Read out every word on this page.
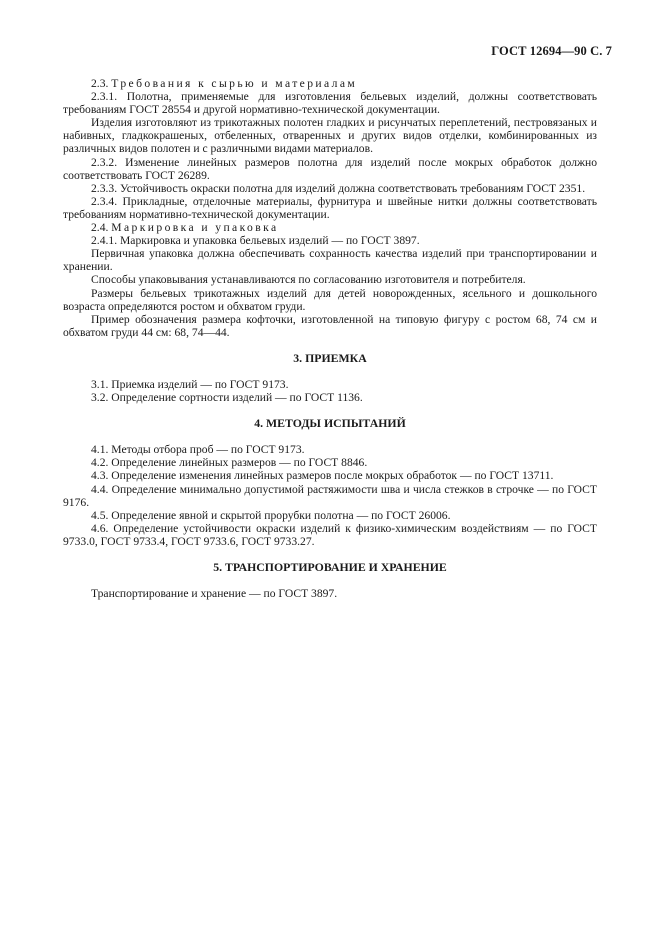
ГОСТ 12694—90 С. 7

2.3. Требования к сырью и материалам

2.3.1. Полотна, применяемые для изготовления бельевых изделий, должны соответствовать требованиям ГОСТ 28554 и другой нормативно-технической документации.

Изделия изготовляют из трикотажных полотен гладких и рисунчатых переплетений, пестровязаных и набивных, гладкокрашеных, отбеленных, отваренных и других видов отделки, комбинированных из различных видов полотен и с различными видами материалов.

2.3.2. Изменение линейных размеров полотна для изделий после мокрых обработок должно соответствовать ГОСТ 26289.

2.3.3. Устойчивость окраски полотна для изделий должна соответствовать требованиям ГОСТ 2351.

2.3.4. Прикладные, отделочные материалы, фурнитура и швейные нитки должны соответствовать требованиям нормативно-технической документации.

2.4. Маркировка и упаковка

2.4.1. Маркировка и упаковка бельевых изделий — по ГОСТ 3897.

Первичная упаковка должна обеспечивать сохранность качества изделий при транспортировании и хранении.

Способы упаковывания устанавливаются по согласованию изготовителя и потребителя.

Размеры бельевых трикотажных изделий для детей новорожденных, ясельного и дошкольного возраста определяются ростом и обхватом груди.

Пример обозначения размера кофточки, изготовленной на типовую фигуру с ростом 68, 74 см и обхватом груди 44 см: 68, 74—44.

3. ПРИЕМКА

3.1. Приемка изделий — по ГОСТ 9173.

3.2. Определение сортности изделий — по ГОСТ 1136.

4. МЕТОДЫ ИСПЫТАНИЙ

4.1. Методы отбора проб — по ГОСТ 9173.

4.2. Определение линейных размеров — по ГОСТ 8846.

4.3. Определение изменения линейных размеров после мокрых обработок — по ГОСТ 13711.

4.4. Определение минимально допустимой растяжимости шва и числа стежков в строчке — по ГОСТ 9176.

4.5. Определение явной и скрытой прорубки полотна — по ГОСТ 26006.

4.6. Определение устойчивости окраски изделий к физико-химическим воздействиям — по ГОСТ 9733.0, ГОСТ 9733.4, ГОСТ 9733.6, ГОСТ 9733.27.

5. ТРАНСПОРТИРОВАНИЕ И ХРАНЕНИЕ

Транспортирование и хранение — по ГОСТ 3897.
